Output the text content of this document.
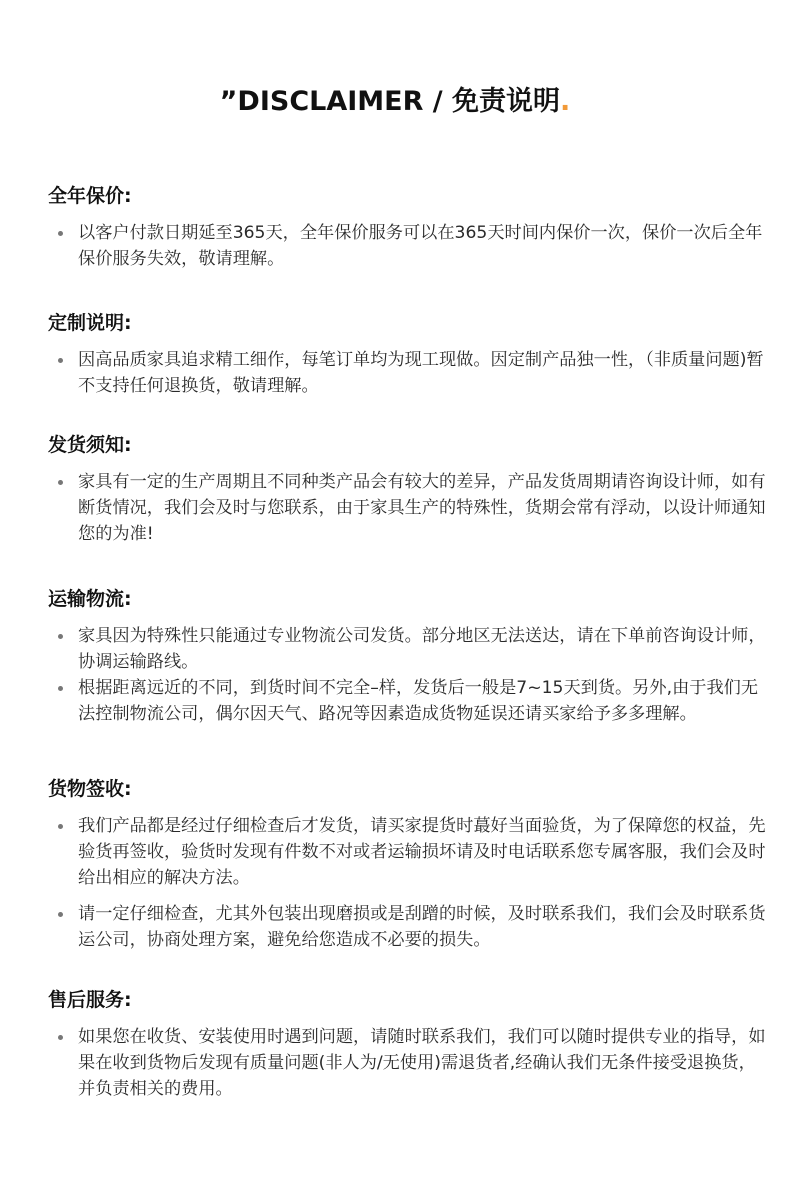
”DISCLAIMER / 免责说明.
全年保价:
以客户付款日期延至365天，全年保价服务可以在365天时间内保价一次，保价一次后全年保价服务失效，敬请理解。
定制说明:
因高品质家具追求精工细作，每笔订单均为现工现做。因定制产品独一性，（非质量问题)暂不支持任何退换货，敬请理解。
发货须知:
家具有一定的生产周期且不同种类产品会有较大的差异，产品发货周期请咨询设计师，如有断货情况，我们会及时与您联系，由于家具生产的特殊性，货期会常有浮动，以设计师通知您的为准!
运输物流:
家具因为特殊性只能通过专业物流公司发货。部分地区无法送达，请在下单前咨询设计师，协调运输路线。
根据距离远近的不同，到货时间不完全–样，发货后一般是7~15天到货。另外,由于我们无法控制物流公司，偶尔因天气、路况等因素造成货物延误还请买家给予多多理解。
货物签收:
我们产品都是经过仔细检查后才发货，请买家提货时蕞好当面验货，为了保障您的权益，先验货再签收，验货时发现有件数不对或者运输损坏请及时电话联系您专属客服，我们会及时给出相应的解决方法。
请一定仔细检查，尤其外包装出现磨损或是刮蹭的时候，及时联系我们，我们会及时联系货运公司，协商处理方案，避免给您造成不必要的损失。
售后服务:
如果您在收货、安装使用时遇到问题，请随时联系我们，我们可以随时提供专业的指导，如果在收到货物后发现有质量问题(非人为/无使用)需退货者,经确认我们无条件接受退换货，并负责相关的费用。
